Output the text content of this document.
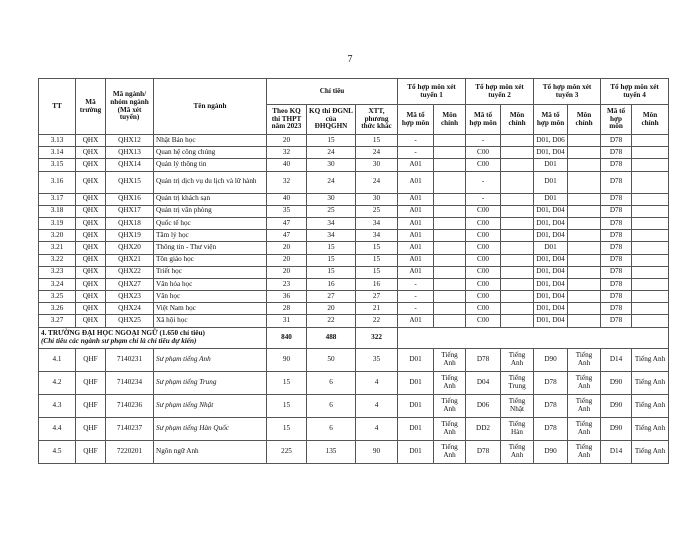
7
TT	Mã trường	Mã ngành/ nhóm ngành (Mã xét tuyển)	Tên ngành	Chỉ tiêu			Tổ hợp môn xét tuyển 1		Tổ hợp môn xét tuyển 2		Tổ hợp môn xét tuyển 3		Tổ hợp môn xét tuyển 4	
				Theo KQ thi THPT năm 2023	KQ thi ĐGNL của ĐHQGHN	XTT, phương thức khác	Mã tổ hợp môn	Môn chính	Mã tổ hợp môn	Môn chính	Mã tổ hợp môn	Môn chính	Mã tổ hợp môn	Môn chính
3.13	QHX	QHX12	Nhật Bản học	20	15	15	-		-		D01, D06		D78	
3.14	QHX	QHX13	Quan hệ công chúng	32	24	24	-		C00		D01, D04		D78	
3.15	QHX	QHX14	Quản lý thông tin	40	30	30	A01		C00		D01		D78	
3.16	QHX	QHX15	Quản trị dịch vụ du lịch và lữ hành	32	24	24	A01		-		D01		D78	
3.17	QHX	QHX16	Quản trị khách sạn	40	30	30	A01		-		D01		D78	
3.18	QHX	QHX17	Quản trị văn phòng	35	25	25	A01		C00		D01, D04		D78	
3.19	QHX	QHX18	Quốc tế học	47	34	34	A01		C00		D01, D04		D78	
3.20	QHX	QHX19	Tâm lý học	47	34	34	A01		C00		D01, D04		D78	
3.21	QHX	QHX20	Thông tin - Thư viện	20	15	15	A01		C00		D01		D78	
3.22	QHX	QHX21	Tôn giáo học	20	15	15	A01		C00		D01, D04		D78	
3.23	QHX	QHX22	Triết học	20	15	15	A01		C00		D01, D04		D78	
3.24	QHX	QHX27	Văn hóa học	23	16	16	-		C00		D01, D04		D78	
3.25	QHX	QHX23	Văn học	36	27	27	-		C00		D01, D04		D78	
3.26	QHX	QHX24	Việt Nam học	28	20	21	-		C00		D01, D04		D78	
3.27	QHX	QHX25	Xã hội học	31	22	22	A01		C00		D01, D04		D78	
4. TRƯỜNG ĐẠI HỌC NGOẠI NGỮ (1.650 chỉ tiêu)
(Chỉ tiêu các ngành sư phạm chỉ là chỉ tiêu dự kiến)				840	488	322								
4.1	QHF	7140231	Sư phạm tiếng Anh	90	50	35	D01	Tiếng Anh	D78	Tiếng Anh	D90	Tiếng Anh	D14	Tiếng Anh
4.2	QHF	7140234	Sư phạm tiếng Trung	15	6	4	D01	Tiếng Anh	D04	Tiếng Trung	D78	Tiếng Anh	D90	Tiếng Anh
4.3	QHF	7140236	Sư phạm tiếng Nhật	15	6	4	D01	Tiếng Anh	D06	Tiếng Nhật	D78	Tiếng Anh	D90	Tiếng Anh
4.4	QHF	7140237	Sư phạm tiếng Hàn Quốc	15	6	4	D01	Tiếng Anh	DD2	Tiếng Hàn	D78	Tiếng Anh	D90	Tiếng Anh
4.5	QHF	7220201	Ngôn ngữ Anh	225	135	90	D01	Tiếng Anh	D78	Tiếng Anh	D90	Tiếng Anh	D14	Tiếng Anh
